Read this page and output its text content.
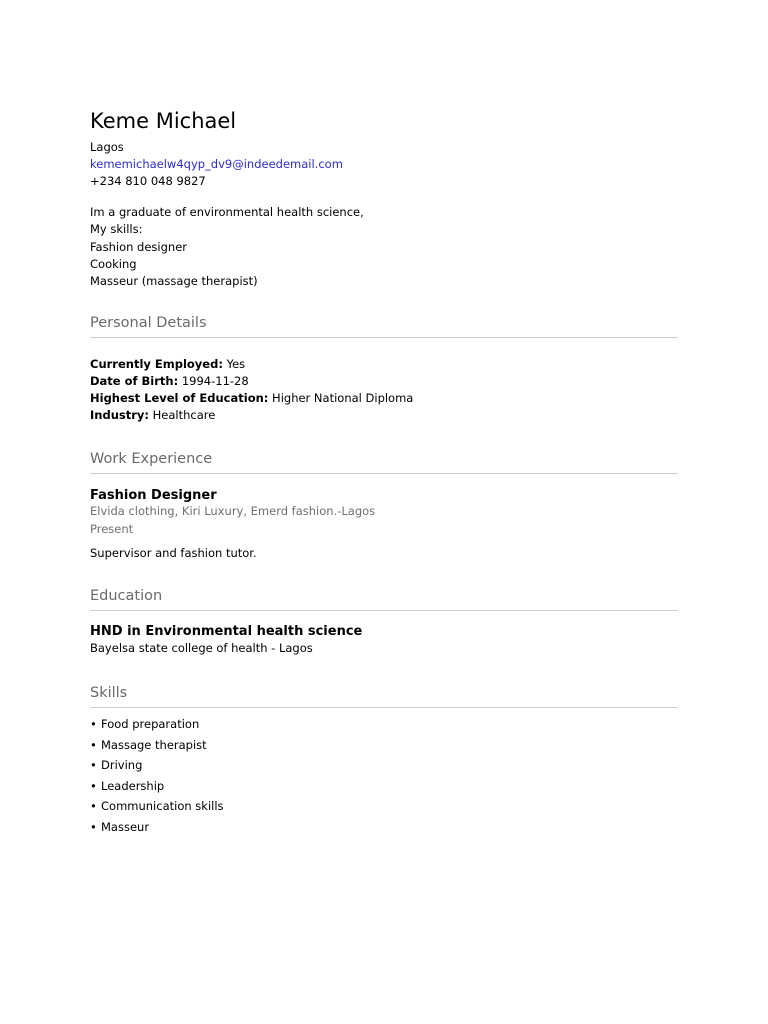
Keme Michael
Lagos
kememichaelw4qyp_dv9@indeedemail.com
+234 810 048 9827
Im a graduate of environmental health science,
My skills:
Fashion designer
Cooking
Masseur (massage therapist)
Personal Details
Currently Employed: Yes
Date of Birth: 1994-11-28
Highest Level of Education: Higher National Diploma
Industry: Healthcare
Work Experience
Fashion Designer
Elvida clothing, Kiri Luxury, Emerd fashion.-Lagos
Present
Supervisor and fashion tutor.
Education
HND in Environmental health science
Bayelsa state college of health - Lagos
Skills
• Food preparation
• Massage therapist
• Driving
• Leadership
• Communication skills
• Masseur
